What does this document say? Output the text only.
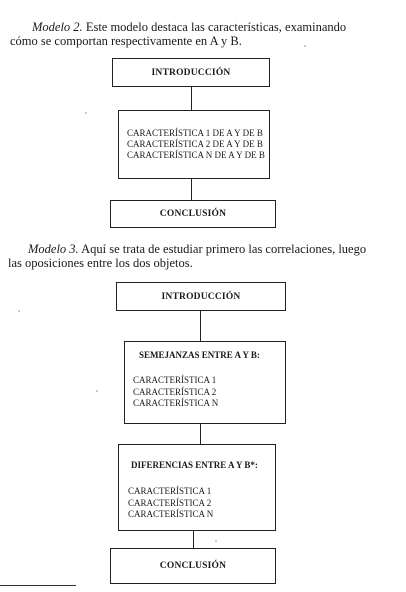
Modelo 2. Este modelo destaca las características, examinando

cómo se comportan respectivamente en A y B.

INTRODUCCIÓN
CARACTERÍSTICA 1 DE A Y DE B
CARACTERÍSTICA 2 DE A Y DE B
CARACTERÍSTICA N DE A Y DE B
CONCLUSIÓN

Modelo 3. Aquí se trata de estudiar primero las correlaciones, luego

las oposiciones entre los dos objetos.

INTRODUCCIÓN
SEMEJANZAS ENTRE A Y B:
CARACTERÍSTICA 1
CARACTERÍSTICA 2
CARACTERÍSTICA N
DIFERENCIAS ENTRE A Y B*:
CARACTERÍSTICA 1
CARACTERÍSTICA 2
CARACTERÍSTICA N
CONCLUSIÓN
